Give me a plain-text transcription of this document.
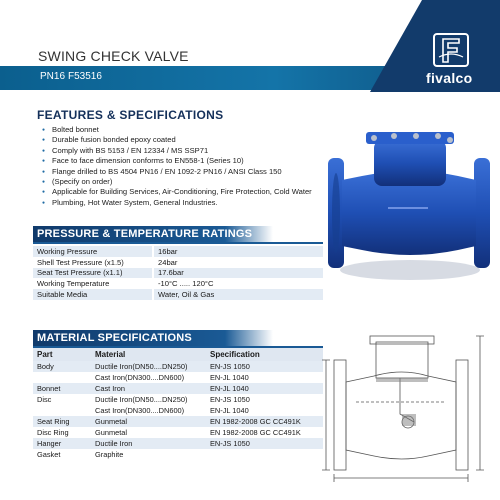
SWING CHECK VALVE
PN16 F53516	fivalco
FEATURES & SPECIFICATIONS
● Bolted bonnet
● Durable fusion bonded epoxy coated
● Comply with BS 5153 / EN 12334 / MS SSP71
● Face to face dimension conforms to EN558-1 (Series 10)
● Flange drilled to BS 4504 PN16 / EN 1092-2 PN16 / ANSI Class 150
● (Specify on order)
● Applicable for Building Services, Air-Conditioning, Fire Protection, Cold Water
● Plumbing, Hot Water System, General Industries.
PRESSURE & TEMPERATURE RATINGS
Working Pressure	16bar
Shell Test Pressure (x1.5)	24bar
Seat Test Pressure (x1.1)	17.6bar
Working Temperature	-10°C ..... 120°C
Suitable Media	Water, Oil & Gas
MATERIAL SPECIFICATIONS
Part	Material	Specification
Body	Ductile Iron(DN50....DN250)	EN-JS 1050
	Cast Iron(DN300....DN600)	EN-JL 1040
Bonnet	Cast Iron	EN-JL 1040
Disc	Ductile Iron(DN50....DN250)	EN-JS 1050
	Cast Iron(DN300....DN600)	EN-JL 1040
Seat Ring	Gunmetal	EN 1982-2008 GC CC491K
Disc Ring	Gunmetal	EN 1982-2008 GC CC491K
Hanger	Ductile Iron	EN-JS 1050
Gasket	Graphite	
